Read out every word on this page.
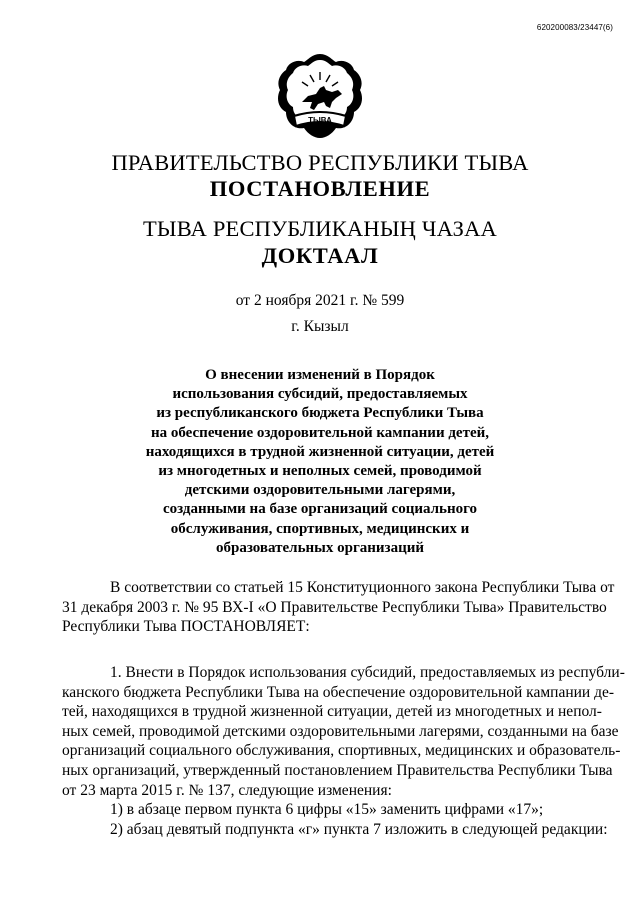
620200083/23447(6)
ТЫВА
ПРАВИТЕЛЬСТВО РЕСПУБЛИКИ ТЫВА
ПОСТАНОВЛЕНИЕ
ТЫВА РЕСПУБЛИКАНЫҢ ЧАЗАА
ДОКТААЛ
от 2 ноября 2021 г. № 599
г. Кызыл
О внесении изменений в Порядок
использования субсидий, предоставляемых
из республиканского бюджета Республики Тыва
на обеспечение оздоровительной кампании детей,
находящихся в трудной жизненной ситуации, детей
из многодетных и неполных семей, проводимой
детскими оздоровительными лагерями,
созданными на базе организаций социального
обслуживания, спортивных, медицинских и
образовательных организаций
В соответствии со статьей 15 Конституционного закона Республики Тыва от
31 декабря 2003 г. № 95 ВХ-I «О Правительстве Республики Тыва» Правительство
Республики Тыва ПОСТАНОВЛЯЕТ:
1. Внести в Порядок использования субсидий, предоставляемых из республи-
канского бюджета Республики Тыва на обеспечение оздоровительной кампании де-
тей, находящихся в трудной жизненной ситуации, детей из многодетных и непол-
ных семей, проводимой детскими оздоровительными лагерями, созданными на базе
организаций социального обслуживания, спортивных, медицинских и образователь-
ных организаций, утвержденный постановлением Правительства Республики Тыва
от 23 марта 2015 г. № 137, следующие изменения:
1) в абзаце первом пункта 6 цифры «15» заменить цифрами «17»;
2) абзац девятый подпункта «г» пункта 7 изложить в следующей редакции:
